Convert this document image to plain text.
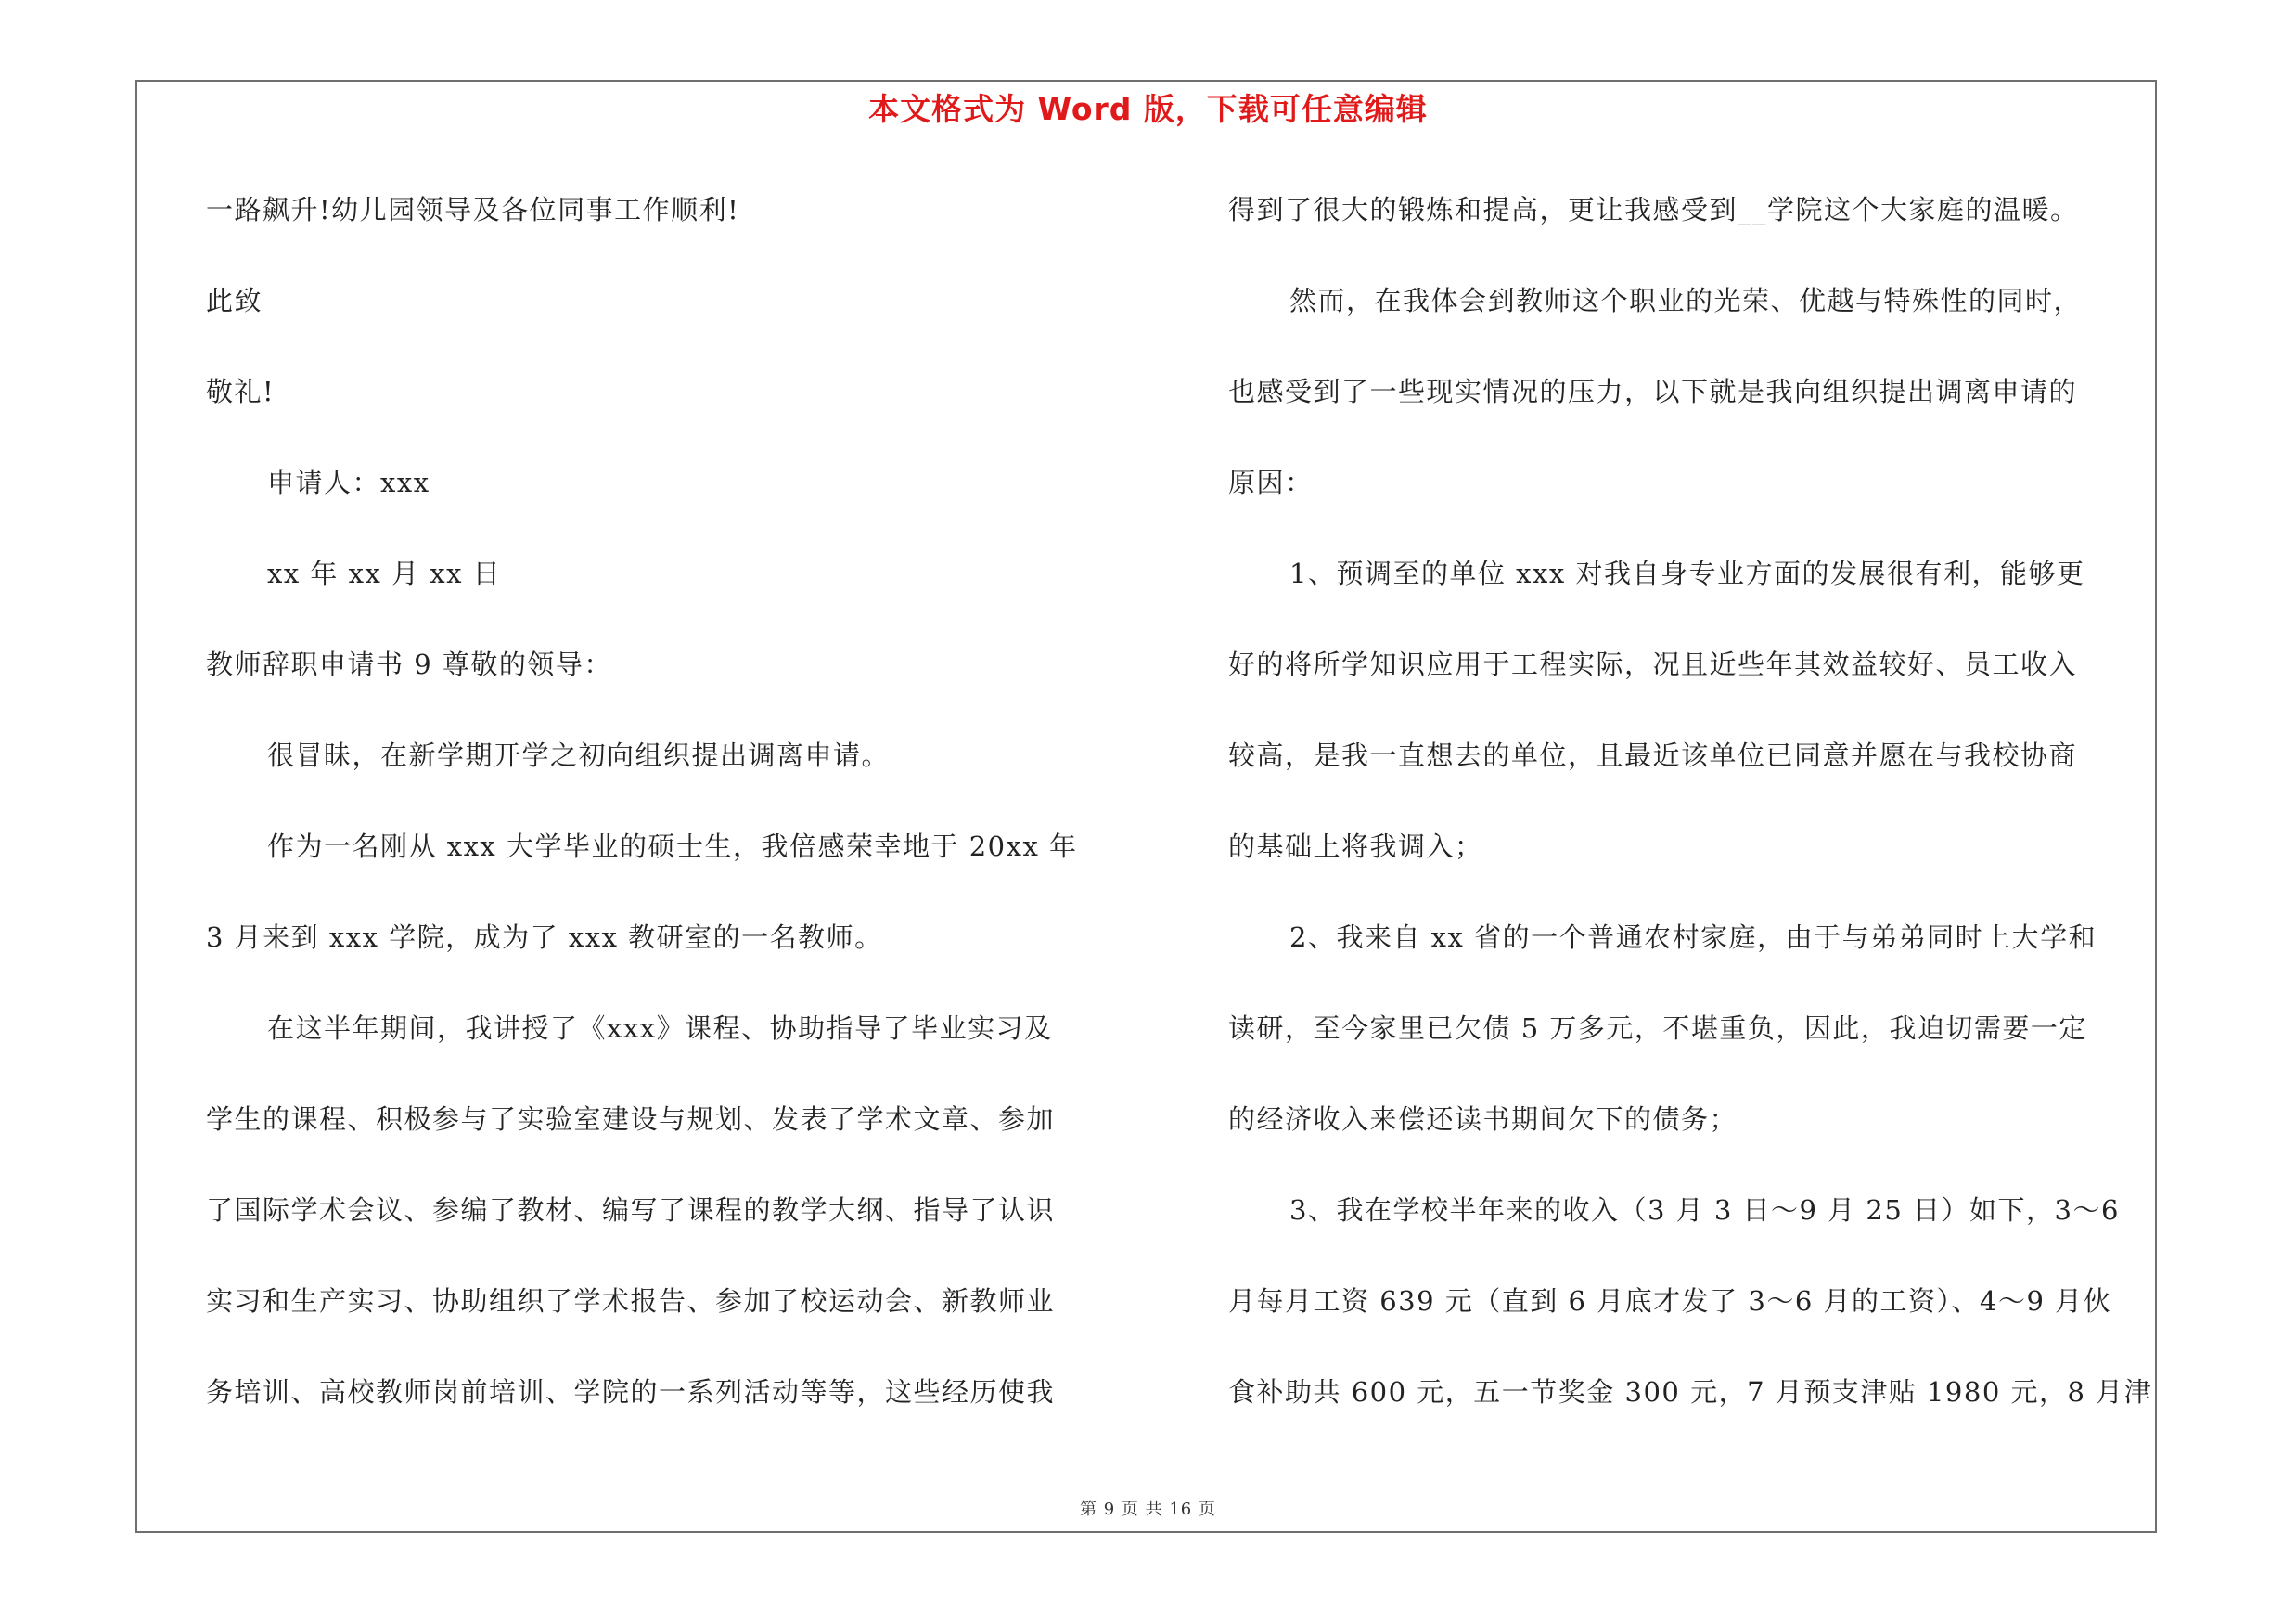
本文格式为 Word 版，下载可任意编辑
一路飙升!幼儿园领导及各位同事工作顺利!
此致
敬礼!
申请人：xxx
xx 年 xx 月 xx 日
教师辞职申请书 9 尊敬的领导：
很冒昧，在新学期开学之初向组织提出调离申请。
作为一名刚从 xxx 大学毕业的硕士生，我倍感荣幸地于 20xx 年
3 月来到 xxx 学院，成为了 xxx 教研室的一名教师。
在这半年期间，我讲授了《xxx》课程、协助指导了毕业实习及
学生的课程、积极参与了实验室建设与规划、发表了学术文章、参加
了国际学术会议、参编了教材、编写了课程的教学大纲、指导了认识
实习和生产实习、协助组织了学术报告、参加了校运动会、新教师业
务培训、高校教师岗前培训、学院的一系列活动等等，这些经历使我
得到了很大的锻炼和提高，更让我感受到__学院这个大家庭的温暖。
然而，在我体会到教师这个职业的光荣、优越与特殊性的同时，
也感受到了一些现实情况的压力，以下就是我向组织提出调离申请的
原因：
1、预调至的单位 xxx 对我自身专业方面的发展很有利，能够更
好的将所学知识应用于工程实际，况且近些年其效益较好、员工收入
较高，是我一直想去的单位，且最近该单位已同意并愿在与我校协商
的基础上将我调入；
2、我来自 xx 省的一个普通农村家庭，由于与弟弟同时上大学和
读研，至今家里已欠债 5 万多元，不堪重负，因此，我迫切需要一定
的经济收入来偿还读书期间欠下的债务；
3、我在学校半年来的收入（3 月 3 日～9 月 25 日）如下，3～6
月每月工资 639 元（直到 6 月底才发了 3～6 月的工资）、4～9 月伙
食补助共 600 元，五一节奖金 300 元，7 月预支津贴 1980 元，8 月津
第 9 页 共 16 页
